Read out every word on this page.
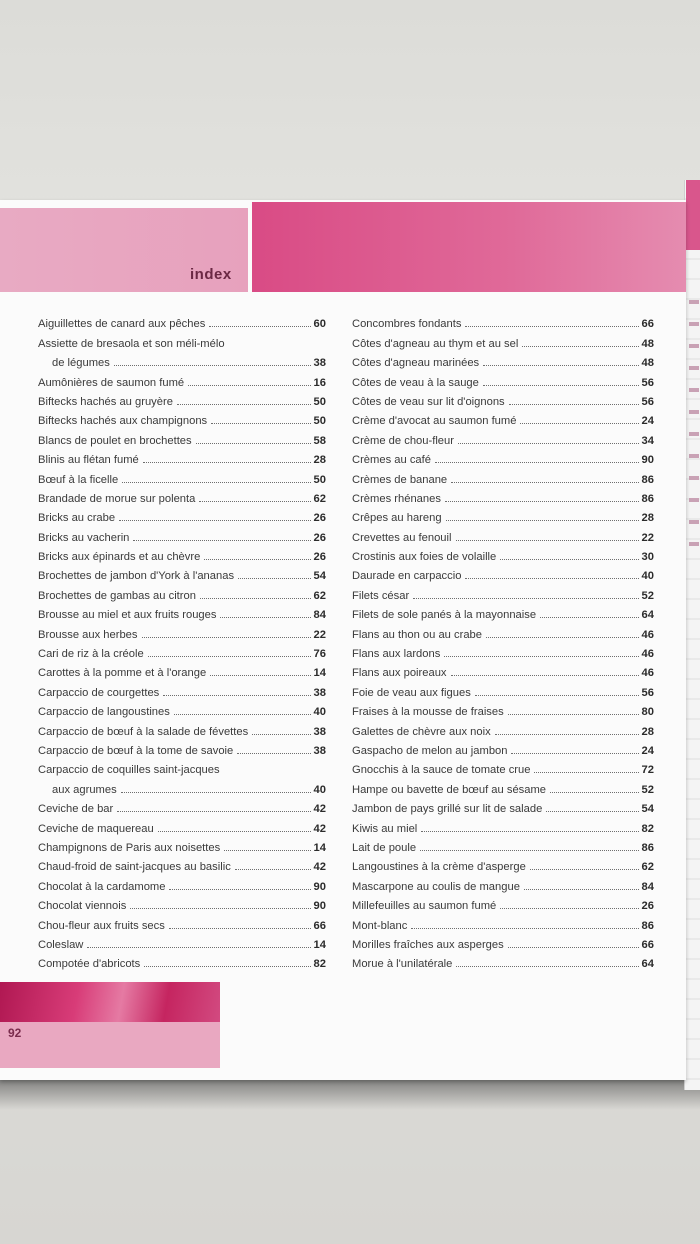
index
Aiguillettes de canard aux pêches	60
Assiette de bresaola et son méli-mélo
de légumes	38
Aumônières de saumon fumé	16
Biftecks hachés au gruyère	50
Biftecks hachés aux champignons	50
Blancs de poulet en brochettes	58
Blinis au flétan fumé	28
Bœuf à la ficelle	50
Brandade de morue sur polenta	62
Bricks au crabe	26
Bricks au vacherin	26
Bricks aux épinards et au chèvre	26
Brochettes de jambon d'York à l'ananas	54
Brochettes de gambas au citron	62
Brousse au miel et aux fruits rouges	84
Brousse aux herbes	22
Cari de riz à la créole	76
Carottes à la pomme et à l'orange	14
Carpaccio de courgettes	38
Carpaccio de langoustines	40
Carpaccio de bœuf à la salade de févettes	38
Carpaccio de bœuf à la tome de savoie	38
Carpaccio de coquilles saint-jacques
aux agrumes	40
Ceviche de bar	42
Ceviche de maquereau	42
Champignons de Paris aux noisettes	14
Chaud-froid de saint-jacques au basilic	42
Chocolat à la cardamome	90
Chocolat viennois	90
Chou-fleur aux fruits secs	66
Coleslaw	14
Compotée d'abricots	82
Concombres fondants	66
Côtes d'agneau au thym et au sel	48
Côtes d'agneau marinées	48
Côtes de veau à la sauge	56
Côtes de veau sur lit d'oignons	56
Crème d'avocat au saumon fumé	24
Crème de chou-fleur	34
Crèmes au café	90
Crèmes de banane	86
Crèmes rhénanes	86
Crêpes au hareng	28
Crevettes au fenouil	22
Crostinis aux foies de volaille	30
Daurade en carpaccio	40
Filets césar	52
Filets de sole panés à la mayonnaise	64
Flans au thon ou au crabe	46
Flans aux lardons	46
Flans aux poireaux	46
Foie de veau aux figues	56
Fraises à la mousse de fraises	80
Galettes de chèvre aux noix	28
Gaspacho de melon au jambon	24
Gnocchis à la sauce de tomate crue	72
Hampe ou bavette de bœuf au sésame	52
Jambon de pays grillé sur lit de salade	54
Kiwis au miel	82
Lait de poule	86
Langoustines à la crème d'asperge	62
Mascarpone au coulis de mangue	84
Millefeuilles au saumon fumé	26
Mont-blanc	86
Morilles fraîches aux asperges	66
Morue à l'unilatérale	64
92
